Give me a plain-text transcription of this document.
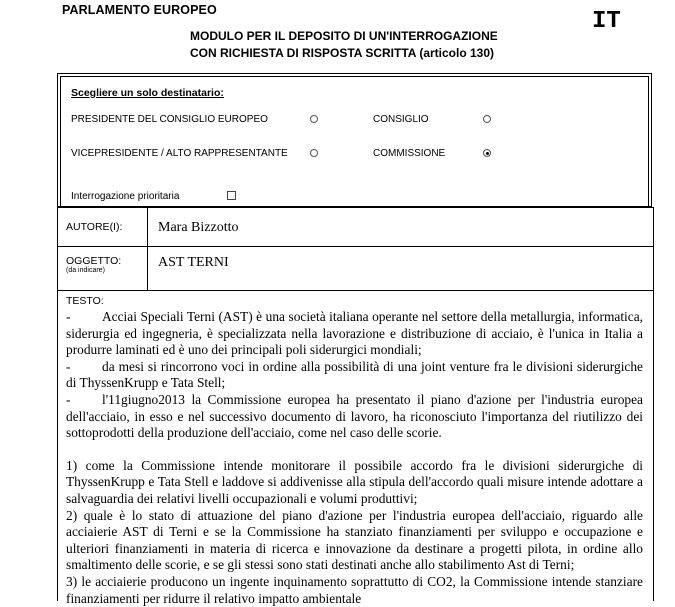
PARLAMENTO EUROPEO	IT
MODULO PER IL DEPOSITO DI UN'INTERROGAZIONE
CON RICHIESTA DI RISPOSTA SCRITTA (articolo 130)
Scegliere un solo destinatario:
PRESIDENTE DEL CONSIGLIO EUROPEO	CONSIGLIO
VICEPRESIDENTE / ALTO RAPPRESENTANTE	COMMISSIONE
Interrogazione prioritaria
AUTORE(I):	Mara Bizzotto
OGGETTO:
(da indicare)
AST TERNI
TESTO:

- Acciai Speciali Terni (AST) è una società italiana operante nel settore della metallurgia, informatica, siderurgia ed ingegneria, è specializzata nella lavorazione e distribuzione di acciaio, è l'unica in Italia a produrre laminati ed è uno dei principali poli siderurgici mondiali;

- da mesi si rincorrono voci in ordine alla possibilità di una joint venture fra le divisioni siderurgiche di ThyssenKrupp e Tata Stell;

- l'11giugno2013 la Commissione europea ha presentato il piano d'azione per l'industria europea dell'acciaio, in esso e nel successivo documento di lavoro, ha riconosciuto l'importanza del riutilizzo dei sottoprodotti della produzione dell'acciaio, come nel caso delle scorie.

1) come la Commissione intende monitorare il possibile accordo fra le divisioni siderurgiche di ThyssenKrupp e Tata Stell e laddove si addivenisse alla stipula dell'accordo quali misure intende adottare a salvaguardia dei relativi livelli occupazionali e volumi produttivi;

2) quale è lo stato di attuazione del piano d'azione per l'industria europea dell'acciaio, riguardo alle acciaierie AST di Terni e se la Commissione ha stanziato finanziamenti per sviluppo e occupazione e ulteriori finanziamenti in materia di ricerca e innovazione da destinare a progetti pilota, in ordine allo smaltimento delle scorie, e se gli stessi sono stati destinati anche allo stabilimento Ast di Terni;

3) le acciaierie producono un ingente inquinamento soprattutto di CO2, la Commissione intende stanziare finanziamenti per ridurre il relativo impatto ambientale
